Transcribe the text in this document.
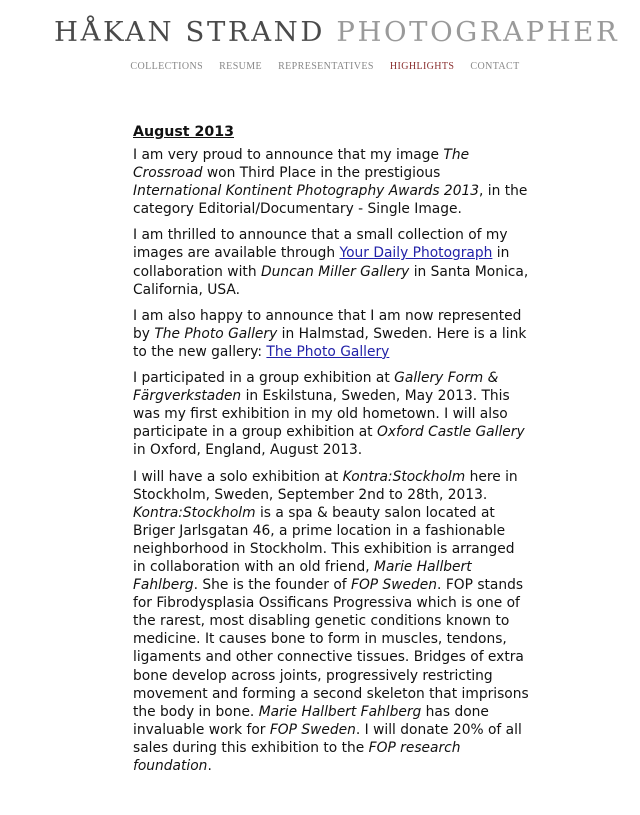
HÅKAN STRAND PHOTOGRAPHER
COLLECTIONS RESUME REPRESENTATIVES HIGHLIGHTS CONTACT
August 2013

I am very proud to announce that my image The Crossroad won Third Place in the prestigious International Kontinent Photography Awards 2013, in the category Editorial/Documentary - Single Image.

I am thrilled to announce that a small collection of my images are available through Your Daily Photograph in collaboration with Duncan Miller Gallery in Santa Monica, California, USA.

I am also happy to announce that I am now represented by The Photo Gallery in Halmstad, Sweden. Here is a link to the new gallery: The Photo Gallery

I participated in a group exhibition at Gallery Form & Färgverkstaden in Eskilstuna, Sweden, May 2013. This was my first exhibition in my old hometown. I will also participate in a group exhibition at Oxford Castle Gallery in Oxford, England, August 2013.

I will have a solo exhibition at Kontra:Stockholm here in Stockholm, Sweden, September 2nd to 28th, 2013. Kontra:Stockholm is a spa & beauty salon located at Briger Jarlsgatan 46, a prime location in a fashionable neighborhood in Stockholm. This exhibition is arranged in collaboration with an old friend, Marie Hallbert Fahlberg. She is the founder of FOP Sweden. FOP stands for Fibrodysplasia Ossificans Progressiva which is one of the rarest, most disabling genetic conditions known to medicine. It causes bone to form in muscles, tendons, ligaments and other connective tissues. Bridges of extra bone develop across joints, progressively restricting movement and forming a second skeleton that imprisons the body in bone. Marie Hallbert Fahlberg has done invaluable work for FOP Sweden. I will donate 20% of all sales during this exhibition to the FOP research foundation.
